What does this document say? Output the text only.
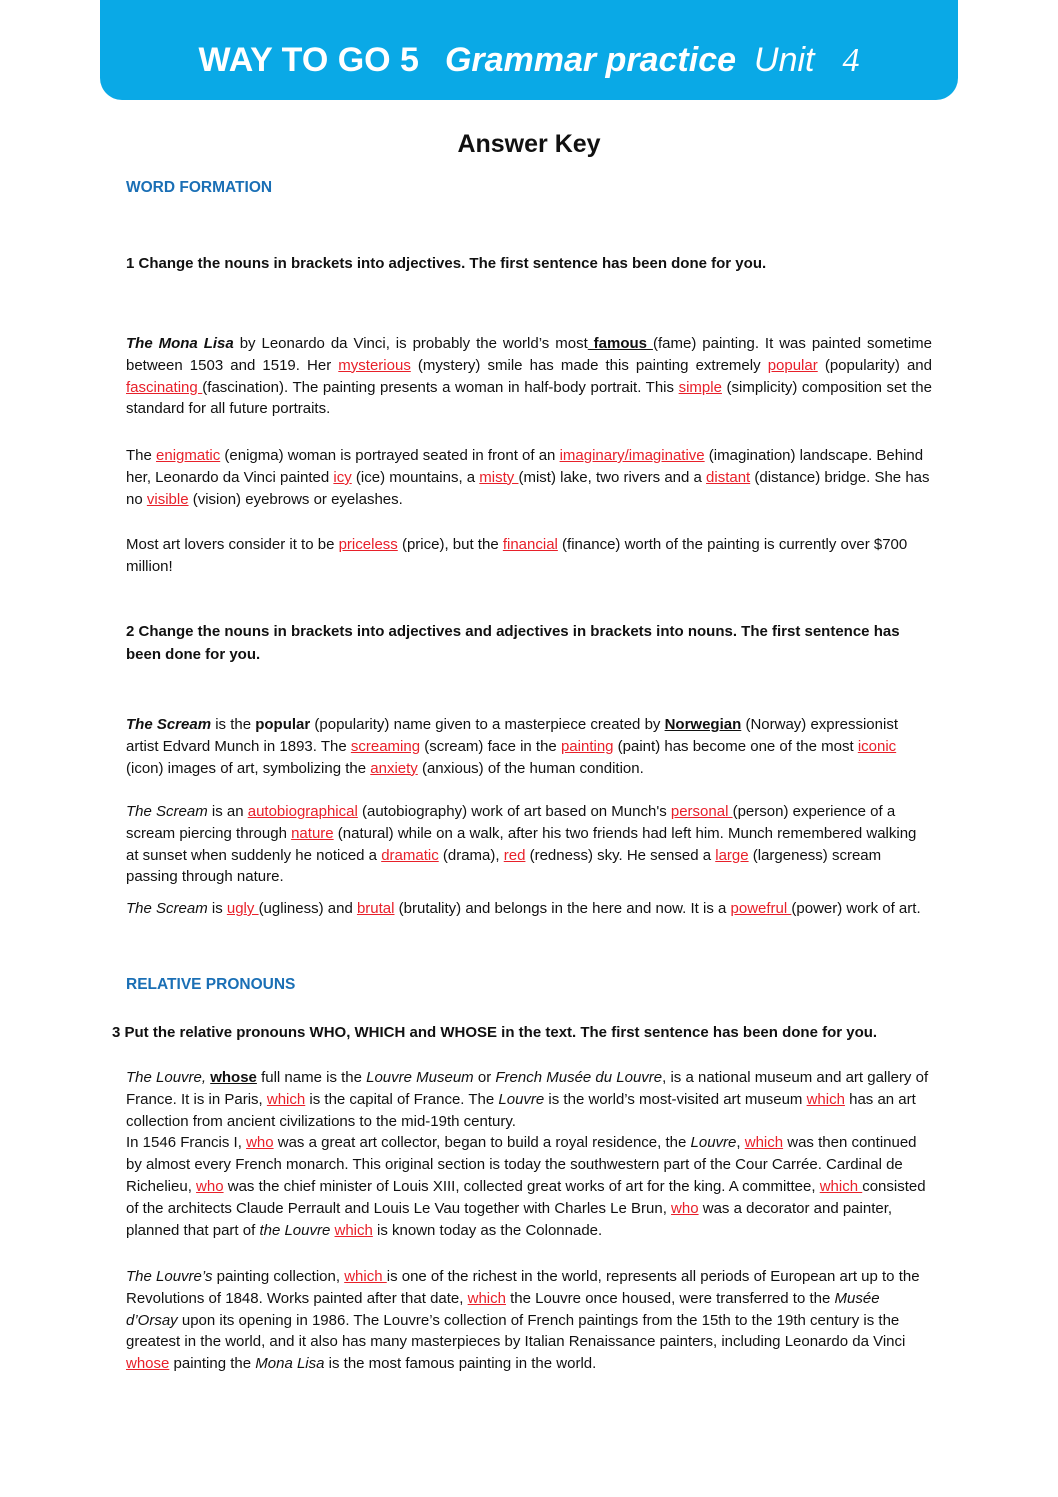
WAY TO GO 5 Grammar practice Unit 4
Answer Key
WORD FORMATION
1 Change the nouns in brackets into adjectives. The first sentence has been done for you.

The Mona Lisa by Leonardo da Vinci, is probably the world’s most famous (fame) painting. It was painted sometime between 1503 and 1519. Her mysterious (mystery) smile has made this painting extremely popular (popularity) and fascinating (fascination). The painting presents a woman in half-body portrait. This simple (simplicity) composition set the standard for all future portraits.

The enigmatic (enigma) woman is portrayed seated in front of an imaginary/imaginative (imagination) landscape. Behind her, Leonardo da Vinci painted icy (ice) mountains, a misty (mist) lake, two rivers and a distant (distance) bridge. She has no visible (vision) eyebrows or eyelashes.

Most art lovers consider it to be priceless (price), but the financial (finance) worth of the painting is currently over $700 million!

2 Change the nouns in brackets into adjectives and adjectives in brackets into nouns. The first sentence has been done for you.

The Scream is the popular (popularity) name given to a masterpiece created by Norwegian (Norway) expressionist artist Edvard Munch in 1893. The screaming (scream) face in the painting (paint) has become one of the most iconic (icon) images of art, symbolizing the anxiety (anxious) of the human condition.

The Scream is an autobiographical (autobiography) work of art based on Munch's personal (person) experience of a scream piercing through nature (natural) while on a walk, after his two friends had left him. Munch remembered walking at sunset when suddenly he noticed a dramatic (drama), red (redness) sky. He sensed a large (largeness) scream passing through nature.

The Scream is ugly (ugliness) and brutal (brutality) and belongs in the here and now. It is a powefrul (power) work of art.

RELATIVE PRONOUNS
3 Put the relative pronouns WHO, WHICH and WHOSE in the text. The first sentence has been done for you.

The Louvre, whose full name is the Louvre Museum or French Musée du Louvre, is a national museum and art gallery of France. It is in Paris, which is the capital of France. The Louvre is the world’s most-visited art museum which has an art collection from ancient civilizations to the mid-19th century.
In 1546 Francis I, who was a great art collector, began to build a royal residence, the Louvre, which was then continued by almost every French monarch. This original section is today the southwestern part of the Cour Carrée. Cardinal de Richelieu, who was the chief minister of Louis XIII, collected great works of art for the king. A committee, which consisted of the architects Claude Perrault and Louis Le Vau together with Charles Le Brun, who was a decorator and painter, planned that part of the Louvre which is known today as the Colonnade.

The Louvre’s painting collection, which is one of the richest in the world, represents all periods of European art up to the Revolutions of 1848. Works painted after that date, which the Louvre once housed, were transferred to the Musée d’Orsay upon its opening in 1986. The Louvre’s collection of French paintings from the 15th to the 19th century is the greatest in the world, and it also has many masterpieces by Italian Renaissance painters, including Leonardo da Vinci whose painting the Mona Lisa is the most famous painting in the world.
